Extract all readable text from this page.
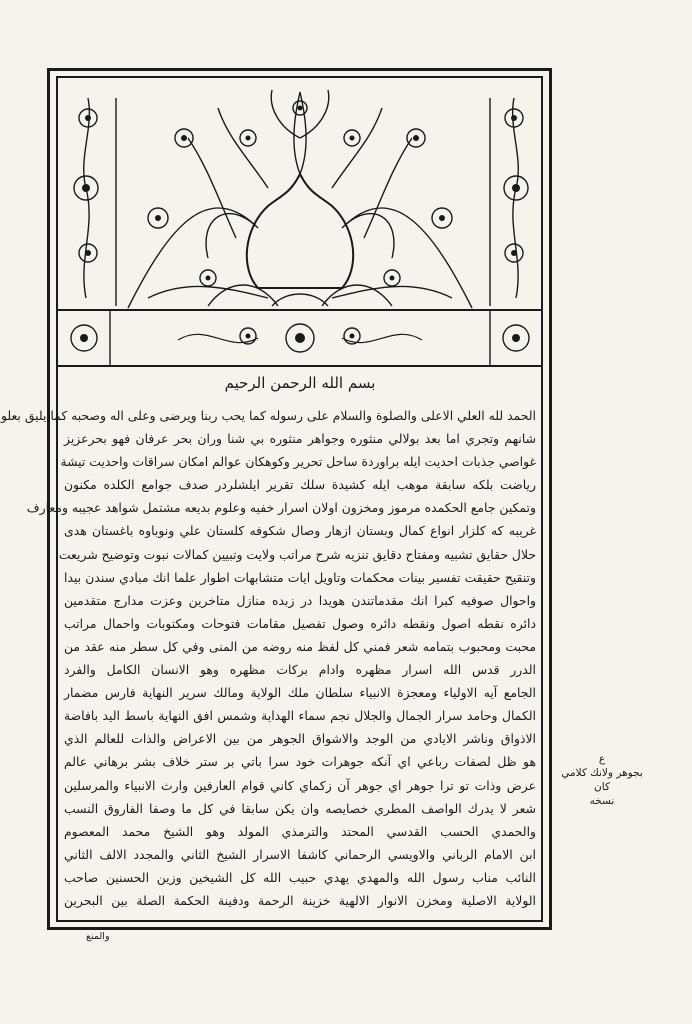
بسم الله الرحمن الرحيم
الحمد لله العلي الاعلى والصلوة والسلام على رسوله كما يحب ربنا ويرضى وعلى اله وصحبه كما يليق بعلو
شانهم وتجري اما بعد بولالي منثوره وجواهر منثوره بي شنا وران بحر عرفان فهو بحرعزيز
غواصي جذبات احديت ايله براوردة ساحل تحرير وكوهكان عوالم امكان سراقات واحديت تيشة
رياضت بلكه سابقة موهب ايله كشيدة سلك تقرير ايلشلردر صدف جوامع الكلده مكنون
وتمكين جامع الحكمده مرموز ومخزون اولان اسرار خفيه وعلوم بديعه مشتمل شواهد عجيبه ومعارف
غريبه كه كلزار انواع كمال وبستان ازهار وصال شكوفه كلستان علي ونوباوه باغستان هدى
حلال حقايق تشبيه ومفتاح دقايق تنزيه شرح مراتب ولايت وتبيين كمالات نبوت وتوضيح شريعت
وتنقيح حقيقت تفسير بينات محكمات وتاويل ايات متشابهات اطوار علما انك مبادي سندن بيدا
واحوال صوفيه كبرا انك مقدماتندن هويدا در زبده منازل متاخرين وعزت مدارج متقدمين
دائره نقطه اصول ونقطه دائره وصول تفصيل مقامات فتوحات ومكتوبات واحمال مراتب
محبت ومحبوب بتمامه شعر فمني كل لفظ منه روضه من المنى وفي كل سطر منه عقد من
الدرر قدس الله اسرار مظهره وادام بركات مظهره وهو الانسان الكامل والفرد
الجامع آيه الاولياء ومعجزة الانبياء سلطان ملك الولاية ومالك سرير النهاية فارس مضمار
الكمال وحامد سرار الجمال والجلال نجم سماء الهداية وشمس افق النهاية باسط اليد بافاضة
الاذواق وناشر الايادي من الوجد والاشواق الجوهر من بين الاعراض والذات للعالم الذي
هو ظل لصفات رباعي اي آنكه جوهرات خود سرا باتي بر ستر خلاف بشر برهاني عالم
عرض وذات تو ترا جوهر اي جوهر آن زكماي كاني قوام العارفين وارث الانبياء والمرسلين
شعر لا يدرك الواصف المطري خصايصه وان يكن سابقا في كل ما وصفا الفاروق النسب
والحمدي الحسب القدسي المحتد والترمذي المولد وهو الشيخ محمد المعصوم
ابن الامام الرباني والاويسي الرحماني كاشفا الاسرار الشيخ الثاني والمجدد الالف الثاني
النائب مناب رسول الله والمهدي يهدي حبيب الله كل الشيخين وزين الحسنين صاحب
الولاية الاصلية ومخزن الانوار الالهية خزينة الرحمة ودفينة الحكمة الصلة بين البحرين
ع
بجوهر ولانك كلامي
كان
نسخه
والمنع
